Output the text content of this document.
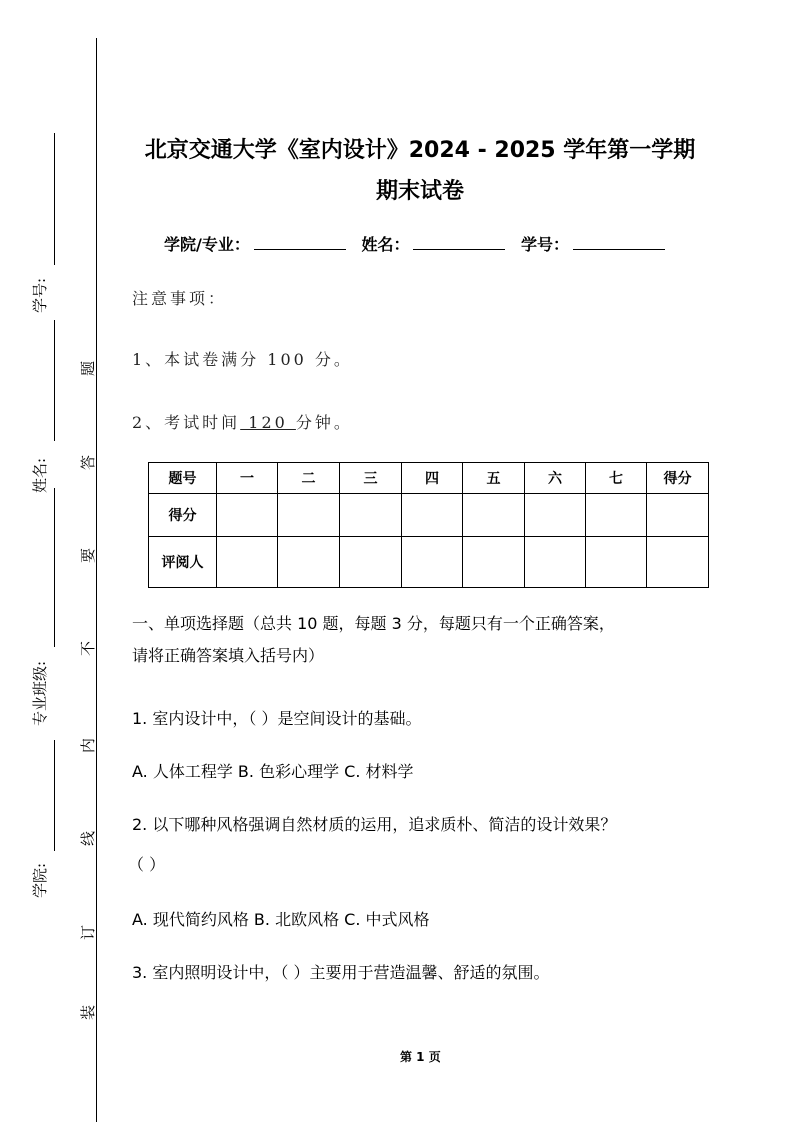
学号:
姓名:
专业班级:
学院:
题
答
要
不
内
线
订
装
北京交通大学《室内设计》2024 - 2025 学年第一学期
期末试卷
学院/专业：	姓名：	学号：
注意事项：
1、本试卷满分 100 分。
2、考试时间 120 分钟。
题号	一	二	三	四	五	六	七	得分
得分								
评阅人								
一、单项选择题（总共 10 题，每题 3 分，每题只有一个正确答案，
请将正确答案填入括号内）
1. 室内设计中，（ ）是空间设计的基础。
A. 人体工程学 B. 色彩心理学 C. 材料学
2. 以下哪种风格强调自然材质的运用，追求质朴、简洁的设计效果？
（ ）
A. 现代简约风格 B. 北欧风格 C. 中式风格
3. 室内照明设计中，（ ）主要用于营造温馨、舒适的氛围。
第 1 页
